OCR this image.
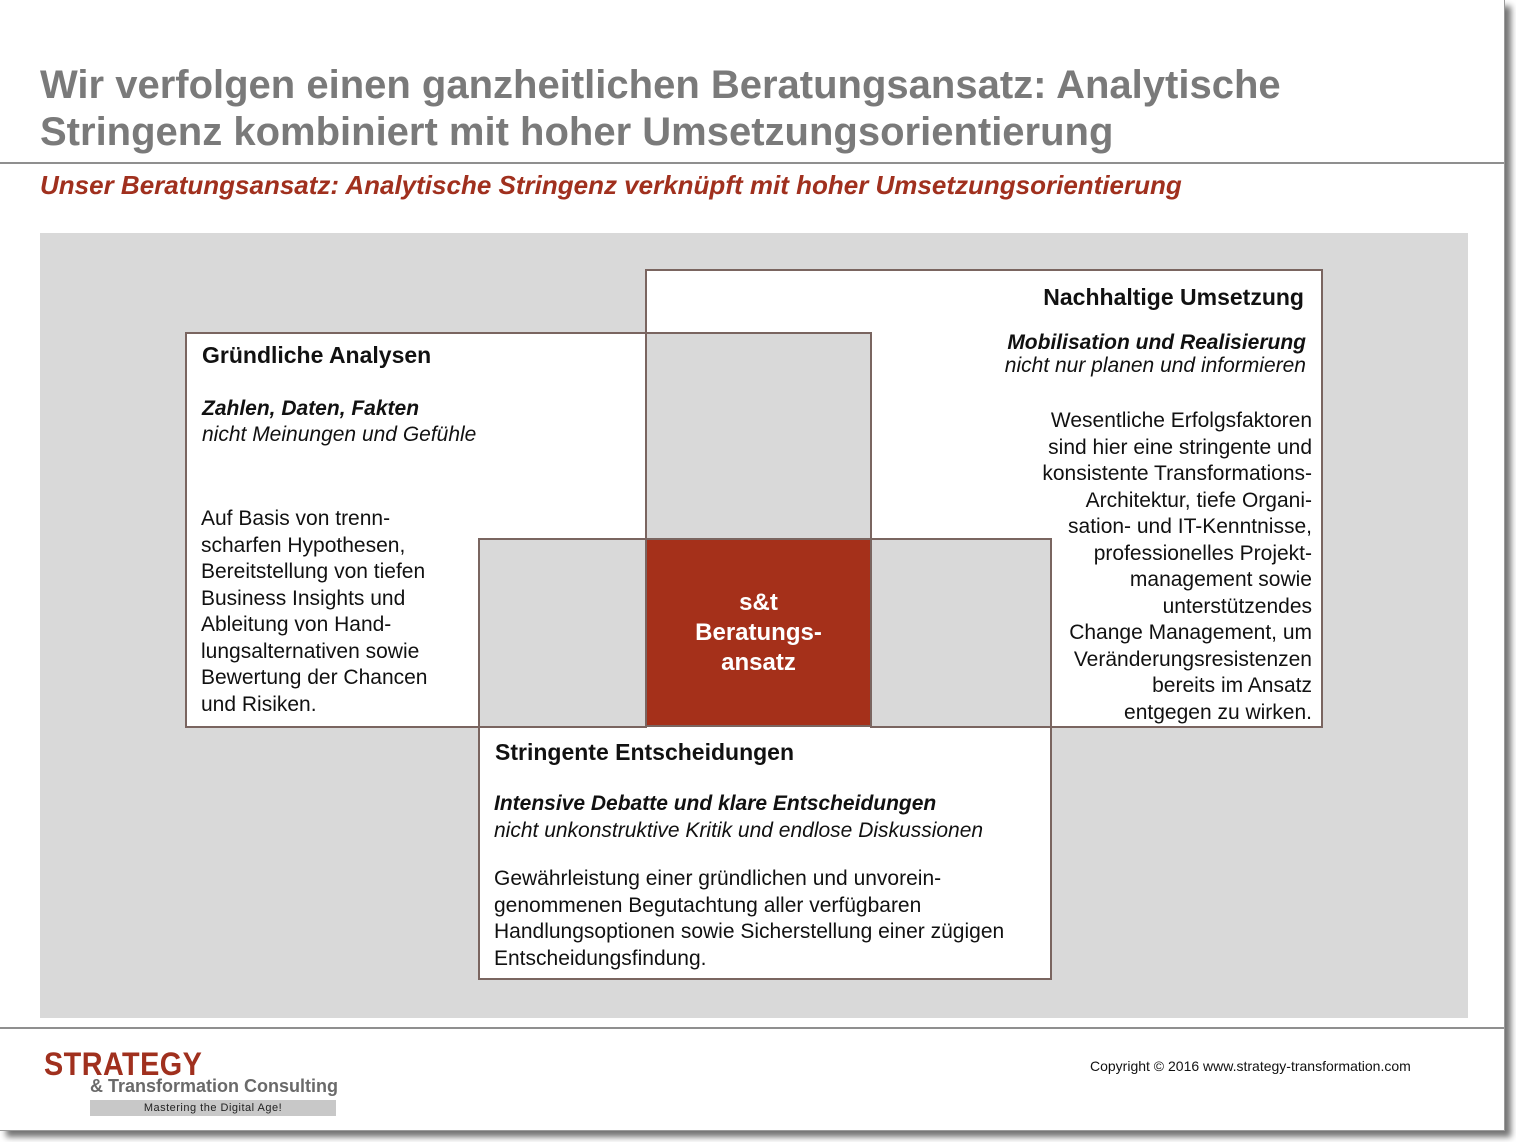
Wir verfolgen einen ganzheitlichen Beratungsansatz: Analytische Stringenz kombiniert mit hoher Umsetzungsorientierung
Unser Beratungsansatz: Analytische Stringenz verknüpft mit hoher Umsetzungsorientierung
s&t
Beratungs-
ansatz
Gründliche Analysen
Zahlen, Daten, Fakten
nicht Meinungen und Gefühle
Auf Basis von trenn-
scharfen Hypothesen,
Bereitstellung von tiefen
Business Insights und
Ableitung von Hand-
lungsalternativen sowie
Bewertung der Chancen
und Risiken.
Nachhaltige Umsetzung
Mobilisation und Realisierung
nicht nur planen und informieren
Wesentliche Erfolgsfaktoren
sind hier eine stringente und
konsistente Transformations-
Architektur, tiefe Organi-
sation- und IT-Kenntnisse,
professionelles Projekt-
management sowie
unterstützendes
Change Management, um
Veränderungsresistenzen
bereits im Ansatz
entgegen zu wirken.
Stringente Entscheidungen
Intensive Debatte und klare Entscheidungen
nicht unkonstruktive Kritik und endlose Diskussionen
Gewährleistung einer gründlichen und unvorein-
genommenen Begutachtung aller verfügbaren
Handlungsoptionen sowie Sicherstellung einer zügigen
Entscheidungsfindung.
STRATEGY
& Transformation Consulting
Mastering the Digital Age!
Copyright © 2016 www.strategy-transformation.com
